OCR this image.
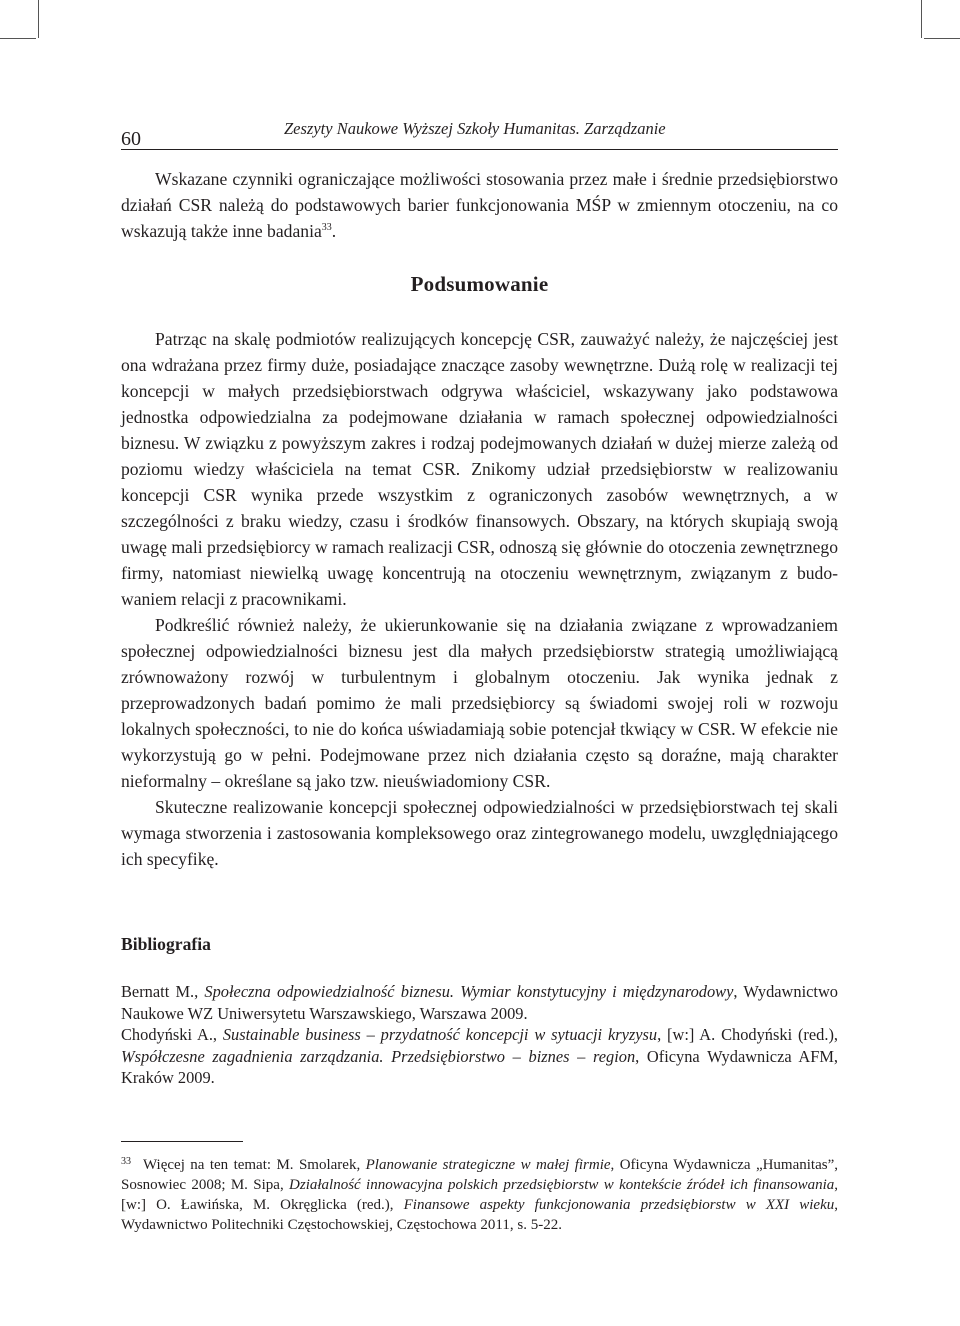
60	Zeszyty Naukowe Wyższej Szkoły Humanitas. Zarządzanie

Wskazane czynniki ograniczające możliwości stosowania przez małe i średnie przedsiębiorstwo działań CSR należą do podstawowych barier funkcjonowania MŚP w zmiennym otoczeniu, na co wskazują także inne badania$^{33}$.

Podsumowanie

Patrząc na skalę podmiotów realizujących koncepcję CSR, zauważyć należy, że najczęściej jest ona wdrażana przez firmy duże, posiadające znaczące zasoby wewnętrzne. Dużą rolę w realizacji tej koncepcji w małych przedsiębiorstwach odgrywa właściciel, wskazywany jako podstawowa jednostka odpowiedzialna za podejmowane działania w ramach społecznej odpowiedzialności biznesu. W związku z powyższym zakres i rodzaj podejmowanych działań w dużej mierze zależą od poziomu wiedzy właściciela na temat CSR. Znikomy udział przedsiębiorstw w realizowaniu koncepcji CSR wynika przede wszystkim z ograniczonych zasobów wewnętrznych, a w szczególności z braku wiedzy, czasu i środków finansowych. Obszary, na których skupiają swoją uwagę mali przedsiębiorcy w ramach realizacji CSR, odnoszą się głównie do otoczenia zewnętrznego firmy, natomiast niewielką uwagę koncentrują na otoczeniu wewnętrznym, związanym z budowaniem relacji z pracownikami.

Podkreślić również należy, że ukierunkowanie się na działania związane z wprowadzaniem społecznej odpowiedzialności biznesu jest dla małych przedsiębiorstw strategią umożliwiającą zrównoważony rozwój w turbulentnym i globalnym otoczeniu. Jak wynika jednak z przeprowadzonych badań pomimo że mali przedsiębiorcy są świadomi swojej roli w rozwoju lokalnych społeczności, to nie do końca uświadamiają sobie potencjał tkwiący w CSR. W efekcie nie wykorzystują go w pełni. Podejmowane przez nich działania często są doraźne, mają charakter nieformalny – określane są jako tzw. nieuświadomiony CSR.

Skuteczne realizowanie koncepcji społecznej odpowiedzialności w przedsiębiorstwach tej skali wymaga stworzenia i zastosowania kompleksowego oraz zintegrowanego modelu, uwzględniającego ich specyfikę.

Bibliografia

Bernatt M., Społeczna odpowiedzialność biznesu. Wymiar konstytucyjny i międzynarodowy, Wydawnictwo Naukowe WZ Uniwersytetu Warszawskiego, Warszawa 2009.

Chodyński A., Sustainable business – przydatność koncepcji w sytuacji kryzysu, [w:] A. Chodyński (red.), Współczesne zagadnienia zarządzania. Przedsiębiorstwo – biznes – region, Oficyna Wydawnicza AFM, Kraków 2009.

$^{33}$ Więcej na ten temat: M. Smolarek, Planowanie strategiczne w małej firmie, Oficyna Wydawnicza „Humanitas”, Sosnowiec 2008; M. Sipa, Działalność innowacyjna polskich przedsiębiorstw w kontekście źródeł ich finansowania, [w:] O. Ławińska, M. Okręglicka (red.), Finansowe aspekty funkcjonowania przedsiębiorstw w XXI wieku, Wydawnictwo Politechniki Częstochowskiej, Częstochowa 2011, s. 5-22.
